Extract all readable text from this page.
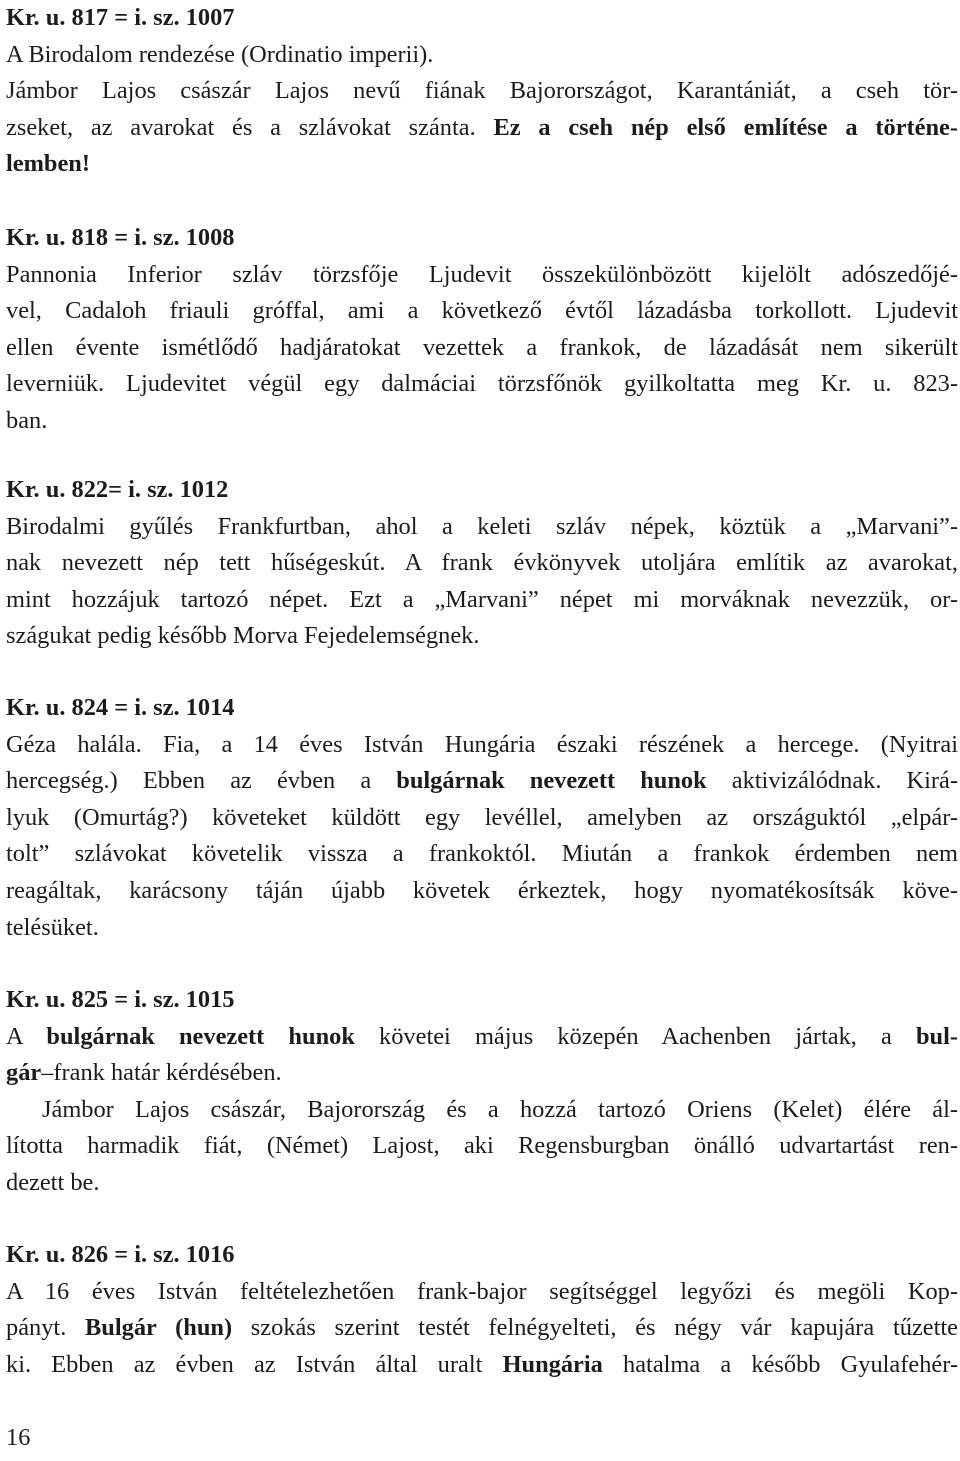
Kr. u. 817 = i. sz. 1007
A Birodalom rendezése (Ordinatio imperii).
Jámbor Lajos császár Lajos nevű fiának Bajorországot, Karantániát, a cseh tör-
zseket, az avarokat és a szlávokat szánta. Ez a cseh nép első említése a történe-
lemben!
Kr. u. 818 = i. sz. 1008
Pannonia Inferior szláv törzsfője Ljudevit összekülönbözött kijelölt adószedőjé-
vel, Cadaloh friauli gróffal, ami a következő évtől lázadásba torkollott. Ljudevit
ellen évente ismétlődő hadjáratokat vezettek a frankok, de lázadását nem sikerült
leverniük. Ljudevitet végül egy dalmáciai törzsfőnök gyilkoltatta meg Kr. u. 823-
ban.
Kr. u. 822= i. sz. 1012
Birodalmi gyűlés Frankfurtban, ahol a keleti szláv népek, köztük a „Marvani”-
nak nevezett nép tett hűségeskút. A frank évkönyvek utoljára említik az avarokat,
mint hozzájuk tartozó népet. Ezt a „Marvani” népet mi morváknak nevezzük, or-
szágukat pedig később Morva Fejedelemségnek.
Kr. u. 824 = i. sz. 1014
Géza halála. Fia, a 14 éves István Hungária északi részének a hercege. (Nyitrai
hercegség.) Ebben az évben a bulgárnak nevezett hunok aktivizálódnak. Kirá-
lyuk (Omurtág?) követeket küldött egy levéllel, amelyben az országuktól „elpár-
tolt” szlávokat követelik vissza a frankoktól. Miután a frankok érdemben nem
reagáltak, karácsony táján újabb követek érkeztek, hogy nyomatékosítsák köve-
telésüket.
Kr. u. 825 = i. sz. 1015
A bulgárnak nevezett hunok követei május közepén Aachenben jártak, a bul-
gár–frank határ kérdésében.
Jámbor Lajos császár, Bajorország és a hozzá tartozó Oriens (Kelet) élére ál-
lította harmadik fiát, (Német) Lajost, aki Regensburgban önálló udvartartást ren-
dezett be.
Kr. u. 826 = i. sz. 1016
A 16 éves István feltételezhetően frank-bajor segítséggel legyőzi és megöli Kop-
pányt. Bulgár (hun) szokás szerint testét felnégyelteti, és négy vár kapujára tűzette
ki. Ebben az évben az István által uralt Hungária hatalma a később Gyulafehér-
16
